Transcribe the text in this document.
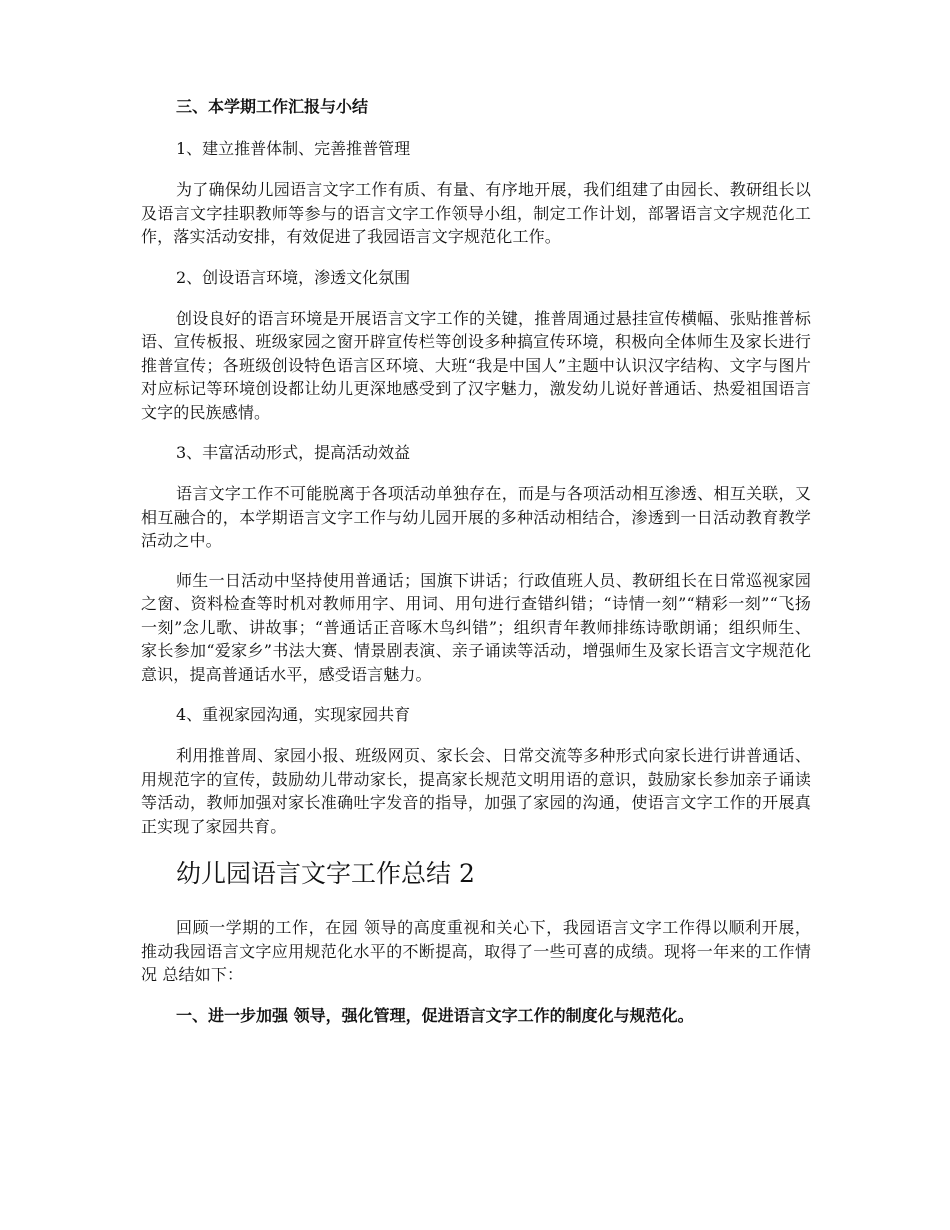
三、本学期工作汇报与小结
1、建立推普体制、完善推普管理

为了确保幼儿园语言文字工作有质、有量、有序地开展，我们组建了由园长、教研组长以及语言文字挂职教师等参与的语言文字工作领导小组，制定工作计划，部署语言文字规范化工作，落实活动安排，有效促进了我园语言文字规范化工作。

2、创设语言环境，渗透文化氛围

创设良好的语言环境是开展语言文字工作的关键，推普周通过悬挂宣传横幅、张贴推普标语、宣传板报、班级家园之窗开辟宣传栏等创设多种搞宣传环境，积极向全体师生及家长进行推普宣传；各班级创设特色语言区环境、大班“我是中国人”主题中认识汉字结构、文字与图片对应标记等环境创设都让幼儿更深地感受到了汉字魅力，激发幼儿说好普通话、热爱祖国语言文字的民族感情。

3、丰富活动形式，提高活动效益

语言文字工作不可能脱离于各项活动单独存在，而是与各项活动相互渗透、相互关联，又相互融合的，本学期语言文字工作与幼儿园开展的多种活动相结合，渗透到一日活动教育教学活动之中。

师生一日活动中坚持使用普通话；国旗下讲话；行政值班人员、教研组长在日常巡视家园之窗、资料检查等时机对教师用字、用词、用句进行查错纠错；“诗情一刻”“精彩一刻”“飞扬一刻”念儿歌、讲故事；“普通话正音啄木鸟纠错”；组织青年教师排练诗歌朗诵；组织师生、家长参加“爱家乡”书法大赛、情景剧表演、亲子诵读等活动，增强师生及家长语言文字规范化意识，提高普通话水平，感受语言魅力。

4、重视家园沟通，实现家园共育

利用推普周、家园小报、班级网页、家长会、日常交流等多种形式向家长进行讲普通话、用规范字的宣传，鼓励幼儿带动家长，提高家长规范文明用语的意识，鼓励家长参加亲子诵读等活动，教师加强对家长准确吐字发音的指导，加强了家园的沟通，使语言文字工作的开展真正实现了家园共育。

幼儿园语言文字工作总结 2

回顾一学期的工作，在园 领导的高度重视和关心下，我园语言文字工作得以顺利开展，推动我园语言文字应用规范化水平的不断提高，取得了一些可喜的成绩。现将一年来的工作情况 总结如下：

一、进一步加强 领导，强化管理，促进语言文字工作的制度化与规范化。
